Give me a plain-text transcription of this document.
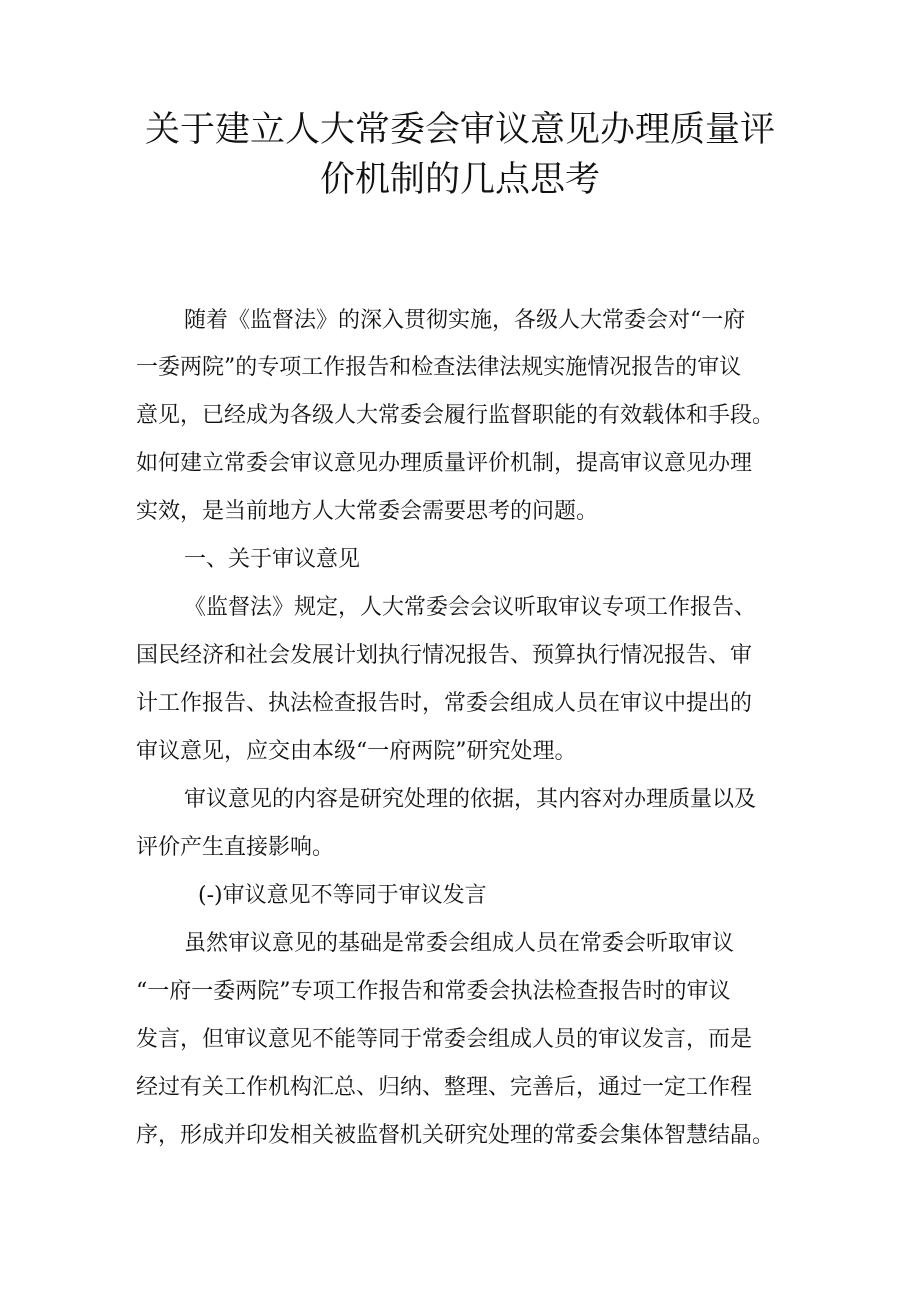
关于建立人大常委会审议意见办理质量评
价机制的几点思考
随着《监督法》的深入贯彻实施，各级人大常委会对“一府
一委两院”的专项工作报告和检查法律法规实施情况报告的审议
意见，已经成为各级人大常委会履行监督职能的有效载体和手段。
如何建立常委会审议意见办理质量评价机制，提高审议意见办理
实效，是当前地方人大常委会需要思考的问题。
一、关于审议意见
《监督法》规定，人大常委会会议听取审议专项工作报告、
国民经济和社会发展计划执行情况报告、预算执行情况报告、审
计工作报告、执法检查报告时，常委会组成人员在审议中提出的
审议意见，应交由本级“一府两院”研究处理。
审议意见的内容是研究处理的依据，其内容对办理质量以及
评价产生直接影响。
(-)审议意见不等同于审议发言
虽然审议意见的基础是常委会组成人员在常委会听取审议
“一府一委两院”专项工作报告和常委会执法检查报告时的审议
发言，但审议意见不能等同于常委会组成人员的审议发言，而是
经过有关工作机构汇总、归纳、整理、完善后，通过一定工作程
序，形成并印发相关被监督机关研究处理的常委会集体智慧结晶。
